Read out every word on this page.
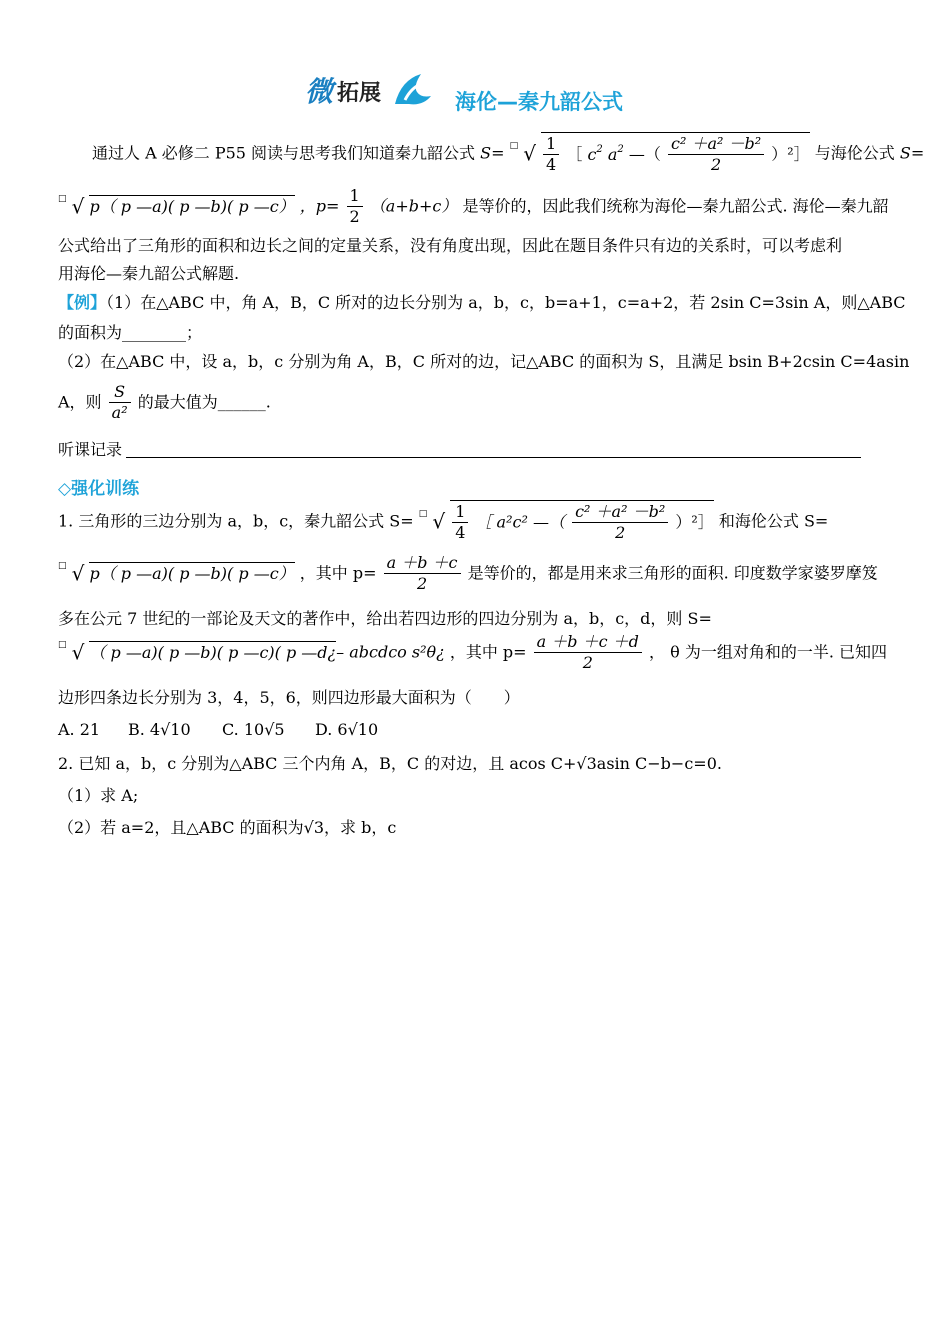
微 拓展	海伦—秦九韶公式
通过人 A 必修二 P55 阅读与思考我们知道秦九韶公式 S= □ √ $\frac{1}{4}$ ［ $c^2$ $a^2$ —（ $\frac{\text{c² ＋a² －b²}}{2}$ ）²］ 与海伦公式 S=
□ √ p（ p —a)( p —b)( p —c） ，$p= \frac{1}{2} (a+b+c)$ 是等价的，因此我们统称为海伦—秦九韶公式. 海伦—秦九韶
公式给出了三角形的面积和边长之间的定量关系，没有角度出现，因此在题目条件只有边的关系时，可以考虑利
用海伦—秦九韶公式解题.
【例】（1）在△ABC 中，角 A，B，C 所对的边长分别为 a，b，c，b=a+1，c=a+2，若 2sin C=3sin A，则△ABC
的面积为________；
（2）在△ABC 中，设 a，b，c 分别为角 A，B，C 所对的边，记△ABC 的面积为 S，且满足 bsin B+2csin C=4asin
A，则 $\frac{S}{\text{a²}}$ 的最大值为______.
听课记录
◇强化训练
1. 三角形的三边分别为 a，b，c，秦九韶公式 S= □ √ $\frac{1}{4}$ ［ a²c² —（ $\frac{\text{c² ＋a² －b²}}{2}$ ）²］ 和海伦公式 S=
□ √ p（ p —a)( p —b)( p —c） ，其中 $p= \frac{a +b +c}{2}$ 是等价的，都是用来求三角形的面积. 印度数学家婆罗摩笈
多在公元 7 世纪的一部论及天文的著作中，给出若四边形的四边分别为 a，b，c，d，则 S=
□ √ （ p —a)( p —b)( p —c)( p —d¿– abcdco s²θ¿ ，其中 $p= \frac{a +b +c +d}{2}$ ， θ 为一组对角和的一半. 已知四
边形四条边长分别为 3，4，5，6，则四边形最大面积为（　　）
A. 21 B. 4√10 C. 10√5 D. 6√10
2. 已知 a，b，c 分别为△ABC 三个内角 A，B，C 的对边，且 acos C+√3asin C−b−c=0.
（1）求 A;
（2）若 a=2，且△ABC 的面积为√3，求 b，c
